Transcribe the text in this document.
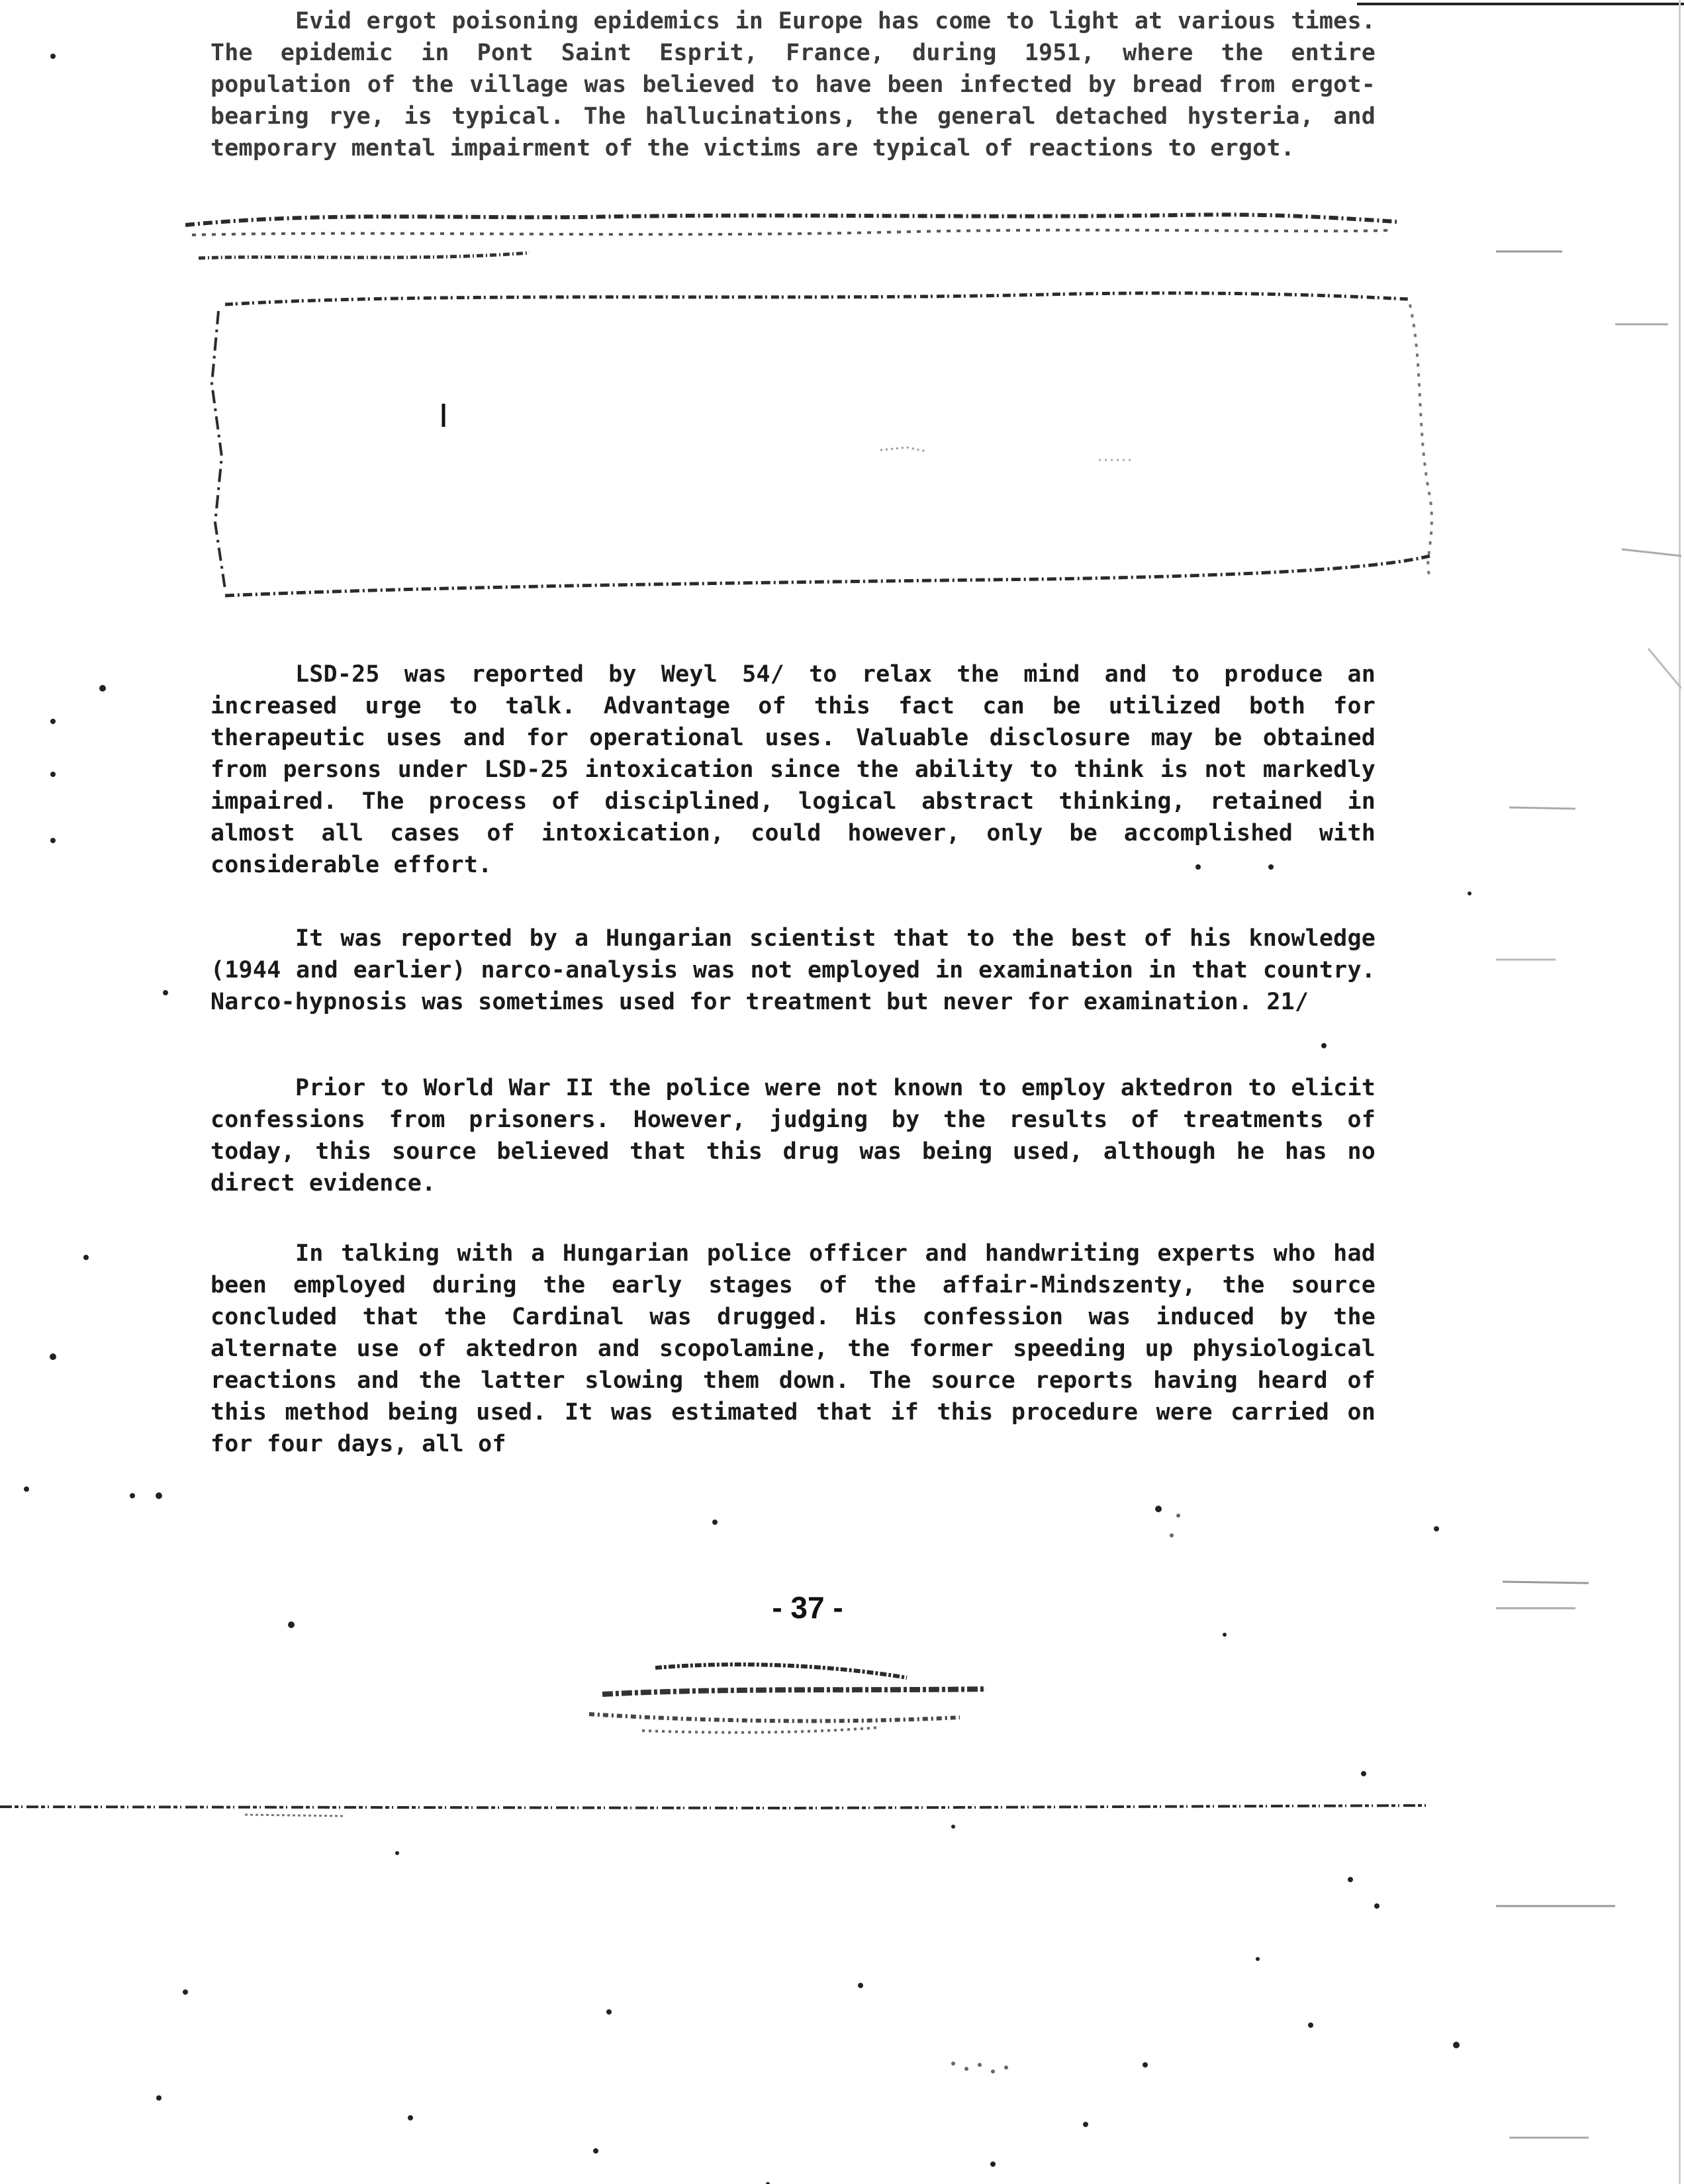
Evid ergot poisoning epidemics in Europe has come to light at various times. The epidemic in Pont Saint Esprit, France, during 1951, where the entire population of the village was believed to have been infected by bread from ergot-bearing rye, is typical. The hallucinations, the general detached hysteria, and temporary mental impairment of the victims are typical of reactions to ergot.

LSD-25 was reported by Weyl 54/ to relax the mind and to produce an increased urge to talk. Advantage of this fact can be utilized both for therapeutic uses and for operational uses. Valuable disclosure may be obtained from persons under LSD-25 intoxication since the ability to think is not markedly impaired. The process of disciplined, logical abstract thinking, retained in almost all cases of intoxication, could however, only be accomplished with considerable effort.

It was reported by a Hungarian scientist that to the best of his knowledge (1944 and earlier) narco-analysis was not employed in examination in that country. Narco-hypnosis was sometimes used for treatment but never for examination. 21/

Prior to World War II the police were not known to employ aktedron to elicit confessions from prisoners. However, judging by the results of treatments of today, this source believed that this drug was being used, although he has no direct evidence.

In talking with a Hungarian police officer and handwriting experts who had been employed during the early stages of the affair-Mindszenty, the source concluded that the Cardinal was drugged. His confession was induced by the alternate use of aktedron and scopolamine, the former speeding up physiological reactions and the latter slowing them down. The source reports having heard of this method being used. It was estimated that if this procedure were carried on for four days, all of

- 37 -
